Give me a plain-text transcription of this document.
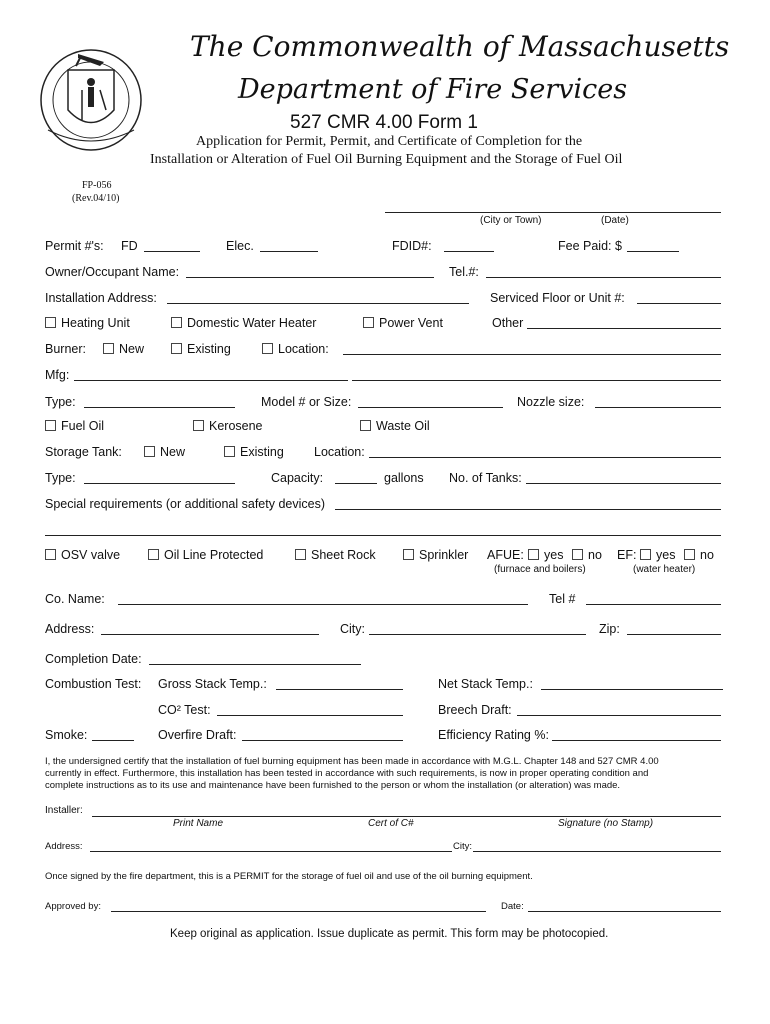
The Commonwealth of Massachusetts
Department of Fire Services
527 CMR 4.00 Form 1
Application for Permit, Permit, and Certificate of Completion for the
Installation or Alteration of Fuel Oil Burning Equipment and the Storage of Fuel Oil
FP-056
(Rev.04/10)
(City or Town)	(Date)
Permit #'s: FD	Elec.	FDID#:	Fee Paid: $
Owner/Occupant Name:	Tel.#:
Installation Address:	Serviced Floor or Unit #:
Heating Unit	Domestic Water Heater	Power Vent	Other
Burner:	New	Existing	Location:
Mfg:
Type:	Model # or Size:	Nozzle size:
Fuel Oil	Kerosene	Waste Oil
Storage Tank:	New	Existing Location:
Type:	Capacity:	gallons No. of Tanks:
Special requirements (or additional safety devices)
OSV valve	Oil Line Protected	Sheet Rock	Sprinkler AFUE:	yes	no EF:	yes	no
(furnace and boilers)	(water heater)
Co. Name:	Tel #
Address:	City:	Zip:
Completion Date:
Combustion Test: Gross Stack Temp.:	Net Stack Temp.:
CO² Test:	Breech Draft:
Smoke:	Overfire Draft:	Efficiency Rating %:
I, the undersigned certify that the installation of fuel burning equipment has been made in accordance with M.G.L. Chapter 148 and 527 CMR 4.00
currently in effect. Furthermore, this installation has been tested in accordance with such requirements, is now in proper operating condition and
complete instructions as to its use and maintenance have been furnished to the person or whom the installation (or alteration) was made.
Installer:
Print Name	Cert of C#	Signature (no Stamp)
Address:	City:
Once signed by the fire department, this is a PERMIT for the storage of fuel oil and use of the oil burning equipment.
Approved by:	Date:
Keep original as application. Issue duplicate as permit. This form may be photocopied.
